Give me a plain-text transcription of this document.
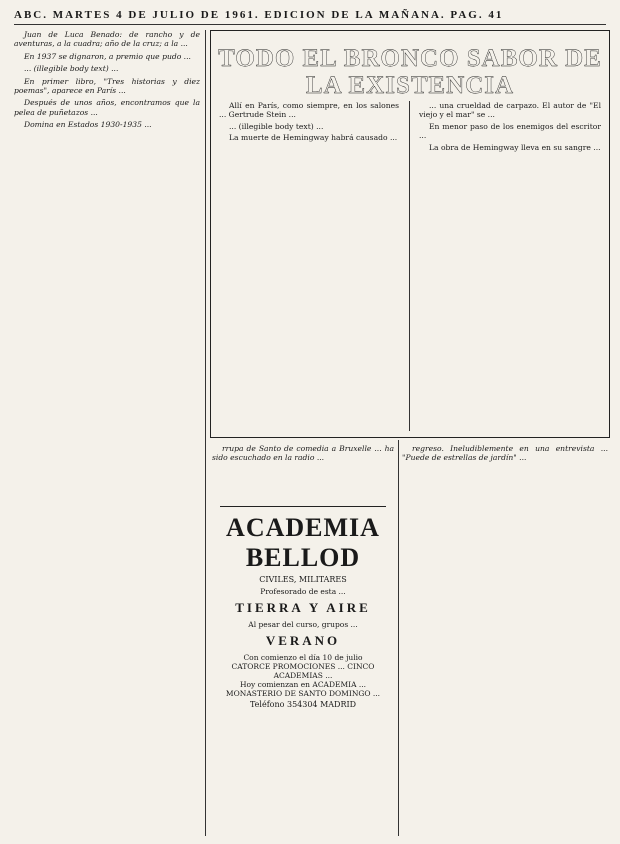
ABC. MARTES 4 DE JULIO DE 1961. EDICION DE LA MAÑANA. PAG. 41

Juan de Luca Benado: de rancho y de aventuras, a la cuadra; año de la cruz; a la ...

En 1937 se dignaron, a premio que pudo ...

... (illegible body text) ...

En primer libro, "Tres historias y diez poemas", aparece en París ...

Después de unos años, encontramos que la pelea de puñetazos ...

Domina en Estados 1930-1935 ...

TODO EL BRONCO SABOR DE LA EXISTENCIA

Allí en París, como siempre, en los salones ... Gertrude Stein ...

... (illegible body text) ...

La muerte de Hemingway habrá causado ...

... una crueldad de carpazo. El autor de "El viejo y el mar" se ...

En menor paso de los enemigos del escritor ...

La obra de Hemingway lleva en su sangre ...

rrupa de Santo de comedia a Bruxelle ... ha sido escuchado en la radio ...

ACADEMIA BELLOD
CIVILES, MILITARES
Profesorado de esta ...
TIERRA Y AIRE
Al pesar del curso, grupos ...
VERANO
Con comienzo el día 10 de julio
CATORCE PROMOCIONES ... CINCO ACADEMIAS ...
Hoy comienzan en ACADEMIA ...
MONASTERIO DE SANTO DOMINGO ...
Teléfono 354304 MADRID

regreso. Ineludiblemente en una entrevista ... "Puede de estrellas de jardín" ...
